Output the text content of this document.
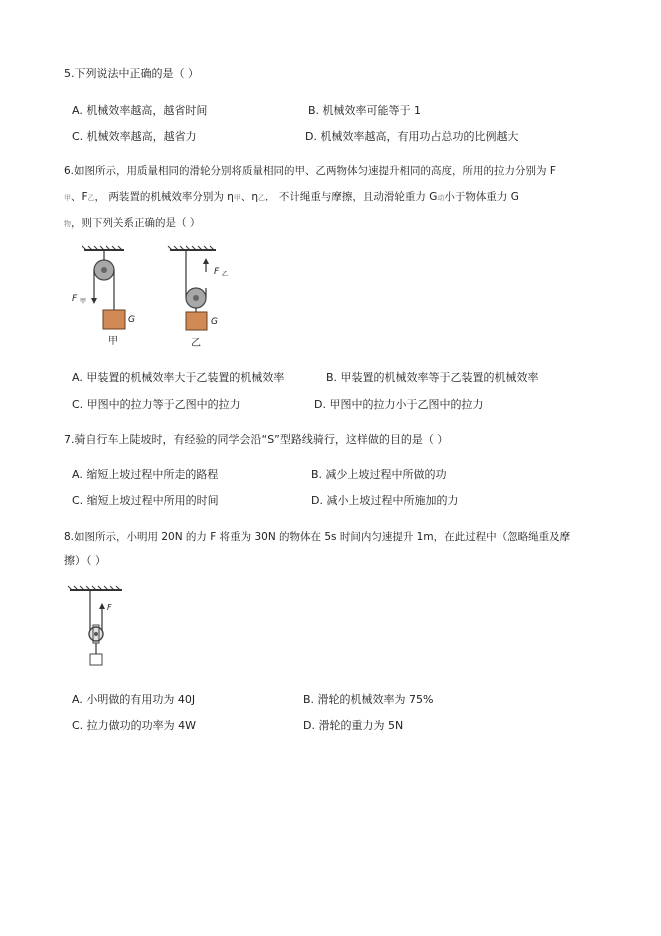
5.下列说法中正确的是（ ）
A. 机械效率越高，越省时间	B. 机械效率可能等于 1
C. 机械效率越高，越省力	D. 机械效率越高，有用功占总功的比例越大
6.如图所示，用质量相同的滑轮分别将质量相同的甲、乙两物体匀速提升相同的高度，所用的拉力分别为 F
甲、F乙， 两装置的机械效率分别为 η甲、η乙． 不计绳重与摩擦，且动滑轮重力 G动小于物体重力 G
物，则下列关系正确的是（ ）
F 甲
G
甲
F 乙
G
乙
A. 甲装置的机械效率大于乙装置的机械效率	B. 甲装置的机械效率等于乙装置的机械效率
C. 甲图中的拉力等于乙图中的拉力	D. 甲图中的拉力小于乙图中的拉力
7.骑自行车上陡坡时，有经验的同学会沿“S”型路线骑行，这样做的目的是（ ）
A. 缩短上坡过程中所走的路程	B. 减少上坡过程中所做的功
C. 缩短上坡过程中所用的时间	D. 减小上坡过程中所施加的力
8.如图所示，小明用 20N 的力 F 将重为 30N 的物体在 5s 时间内匀速提升 1m，在此过程中（忽略绳重及摩
擦）（ ）
F
A. 小明做的有用功为 40J	B. 滑轮的机械效率为 75%
C. 拉力做功的功率为 4W	D. 滑轮的重力为 5N
